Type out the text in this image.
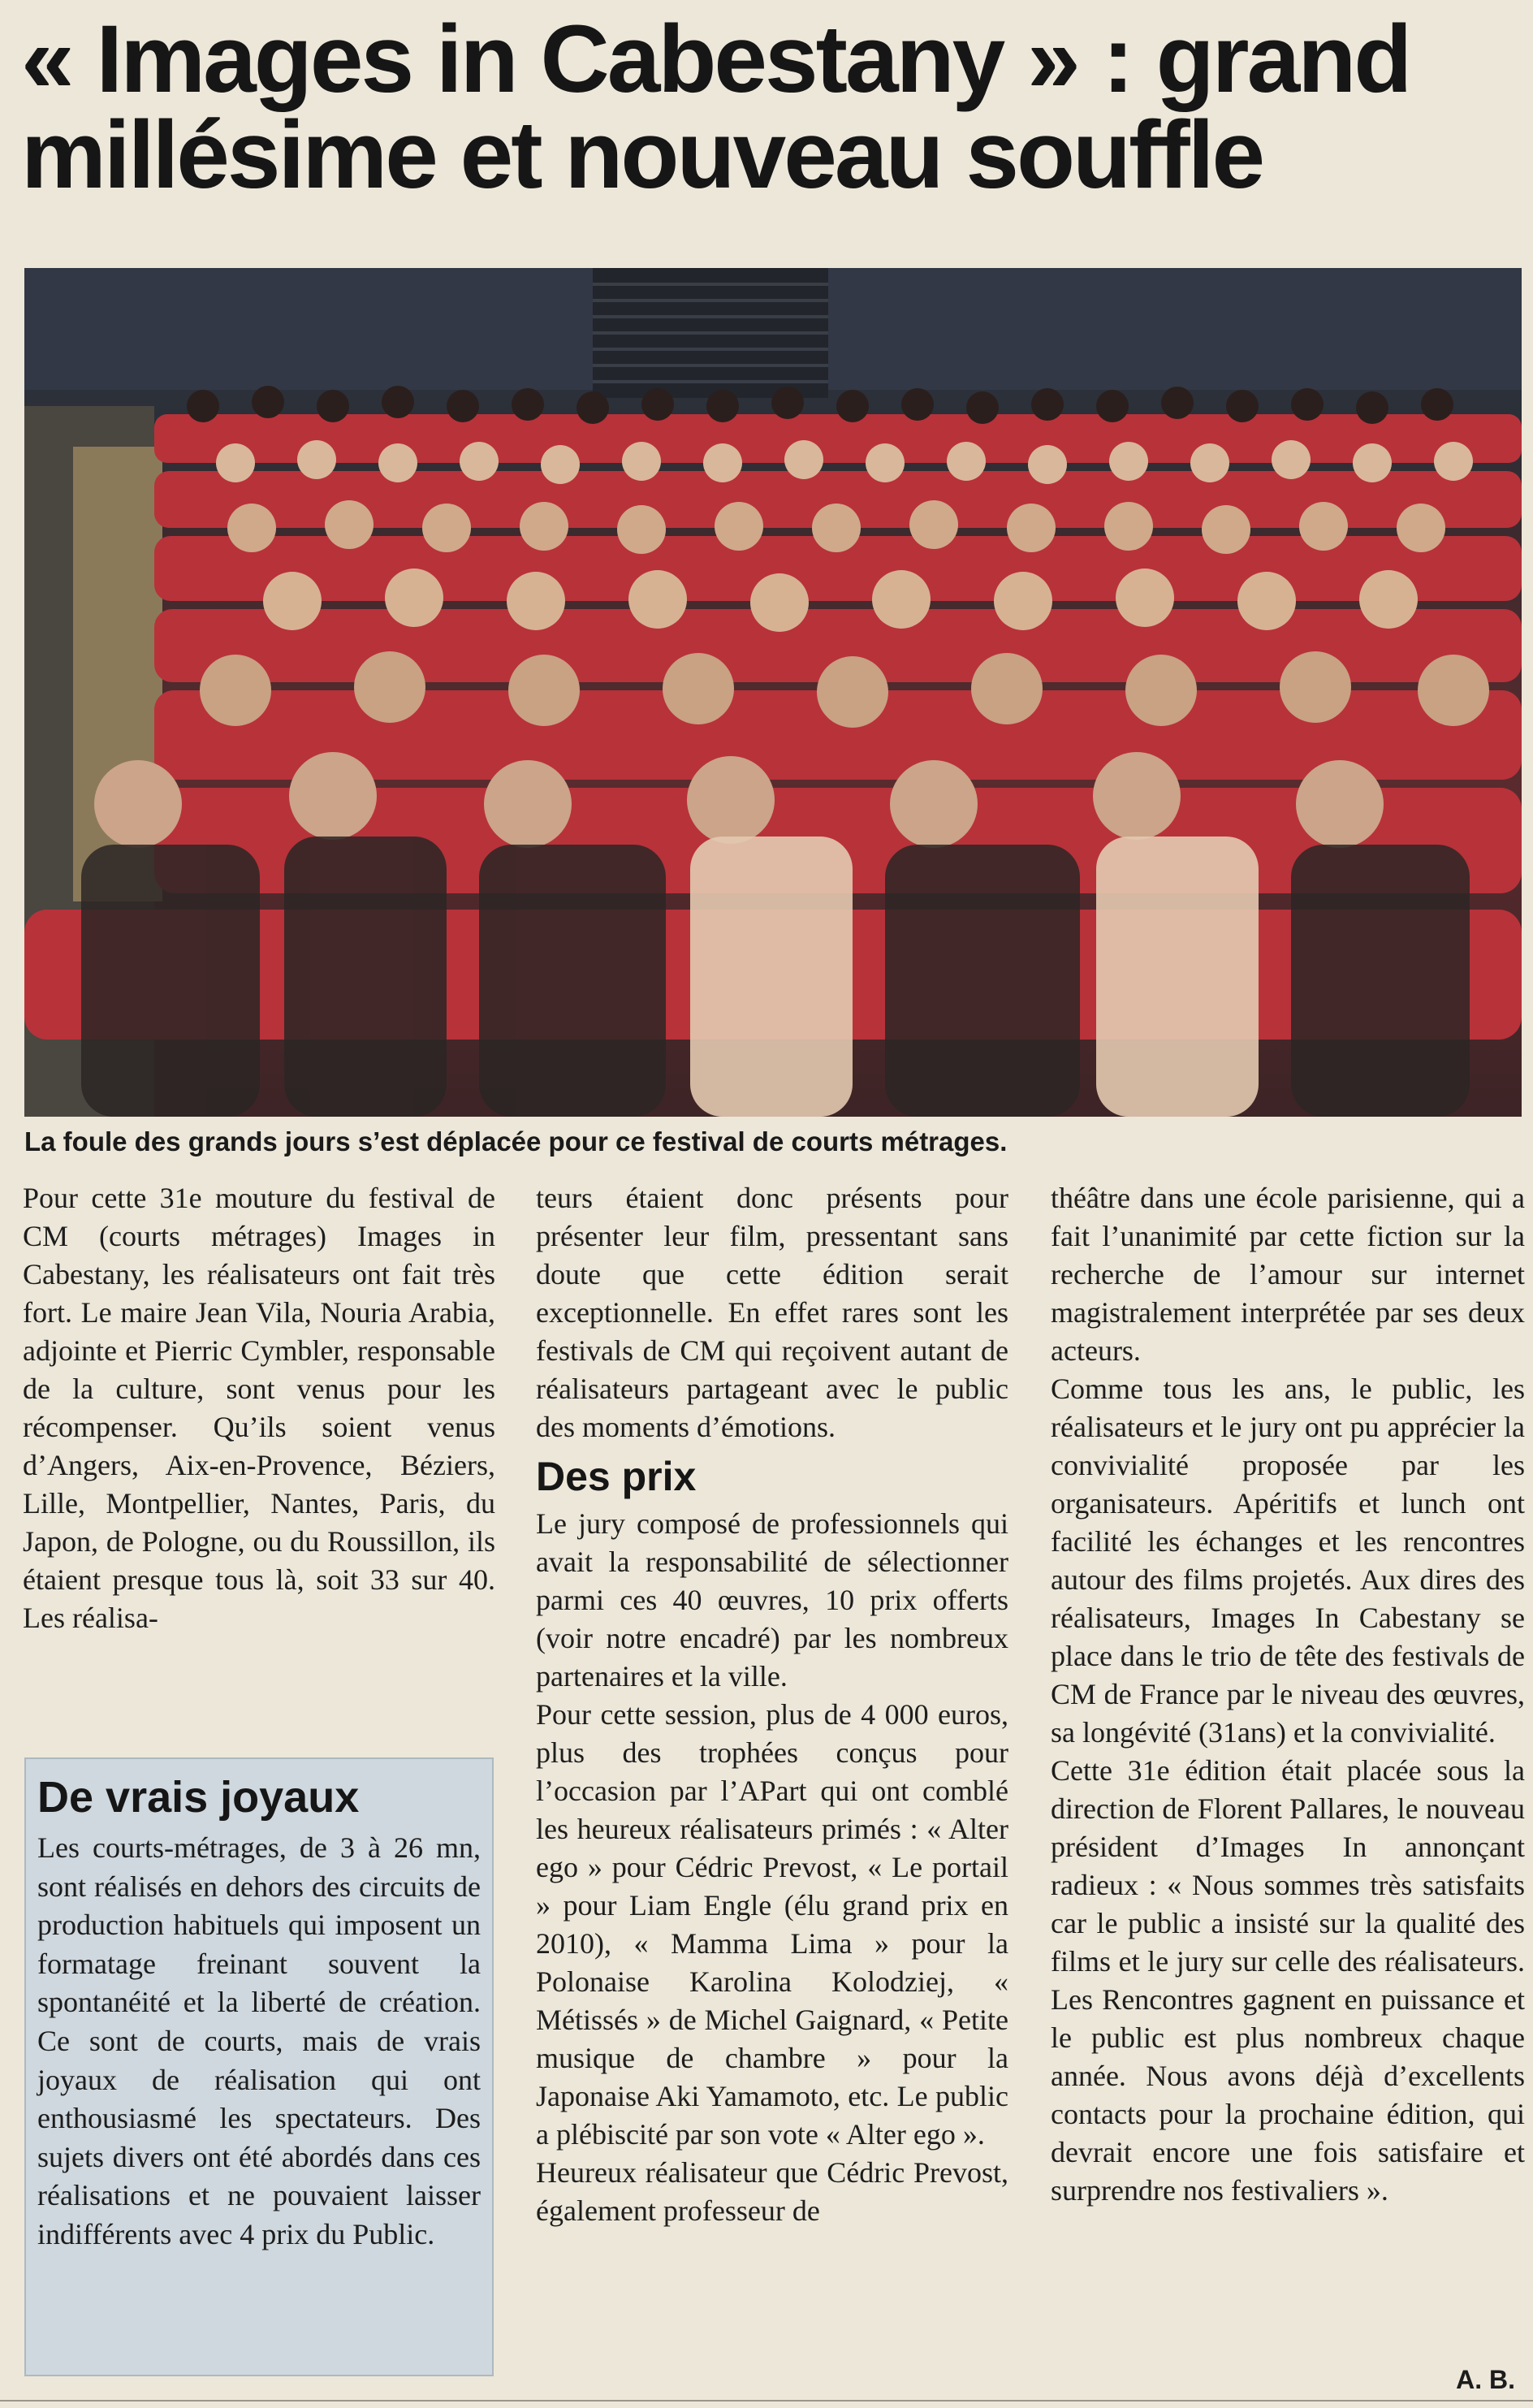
« Images in Cabestany » : grand
millésime et nouveau souffle
La foule des grands jours s’est déplacée pour ce festival de courts métrages.

Pour cette 31e mouture du festival de CM (courts métrages) Images in Cabestany, les réalisateurs ont fait très fort. Le maire Jean Vila, Nouria Arabia, adjointe et Pierric Cymbler, responsable de la culture, sont venus pour les récompenser. Qu’ils soient venus d’Angers, Aix-en-Provence, Béziers, Lille, Montpellier, Nantes, Paris, du Japon, de Pologne, ou du Roussillon, ils étaient presque tous là, soit 33 sur 40. Les réalisa-

De vrais joyaux

Les courts-métrages, de 3 à 26 mn, sont réalisés en dehors des circuits de production habituels qui imposent un formatage freinant souvent la spontanéité et la liberté de création. Ce sont de courts, mais de vrais joyaux de réalisation qui ont enthousiasmé les spectateurs. Des sujets divers ont été abordés dans ces réalisations et ne pouvaient laisser indifférents avec 4 prix du Public.

teurs étaient donc présents pour présenter leur film, pressentant sans doute que cette édition serait exceptionnelle. En effet rares sont les festivals de CM qui reçoivent autant de réalisateurs partageant avec le public des moments d’émotions.

Des prix

Le jury composé de professionnels qui avait la responsabilité de sélectionner parmi ces 40 œuvres, 10 prix offerts (voir notre encadré) par les nombreux partenaires et la ville.

Pour cette session, plus de 4 000 euros, plus des trophées conçus pour l’occasion par l’APart qui ont comblé les heureux réalisateurs primés : « Alter ego » pour Cédric Prevost, « Le portail » pour Liam Engle (élu grand prix en 2010), « Mamma Lima » pour la Polonaise Karolina Kolodziej, « Métissés » de Michel Gaignard, « Petite musique de chambre » pour la Japonaise Aki Yamamoto, etc. Le public a plébiscité par son vote « Alter ego ».

Heureux réalisateur que Cédric Prevost, également professeur de

théâtre dans une école parisienne, qui a fait l’unanimité par cette fiction sur la recherche de l’amour sur internet magistralement interprétée par ses deux acteurs.

Comme tous les ans, le public, les réalisateurs et le jury ont pu apprécier la convivialité proposée par les organisateurs. Apéritifs et lunch ont facilité les échanges et les rencontres autour des films projetés. Aux dires des réalisateurs, Images In Cabestany se place dans le trio de tête des festivals de CM de France par le niveau des œuvres, sa longévité (31ans) et la convivialité.

Cette 31e édition était placée sous la direction de Florent Pallares, le nouveau président d’Images In annonçant radieux : « Nous sommes très satisfaits car le public a insisté sur la qualité des films et le jury sur celle des réalisateurs. Les Rencontres gagnent en puissance et le public est plus nombreux chaque année. Nous avons déjà d’excellents contacts pour la prochaine édition, qui devrait encore une fois satisfaire et surprendre nos festivaliers ».

A. B.
